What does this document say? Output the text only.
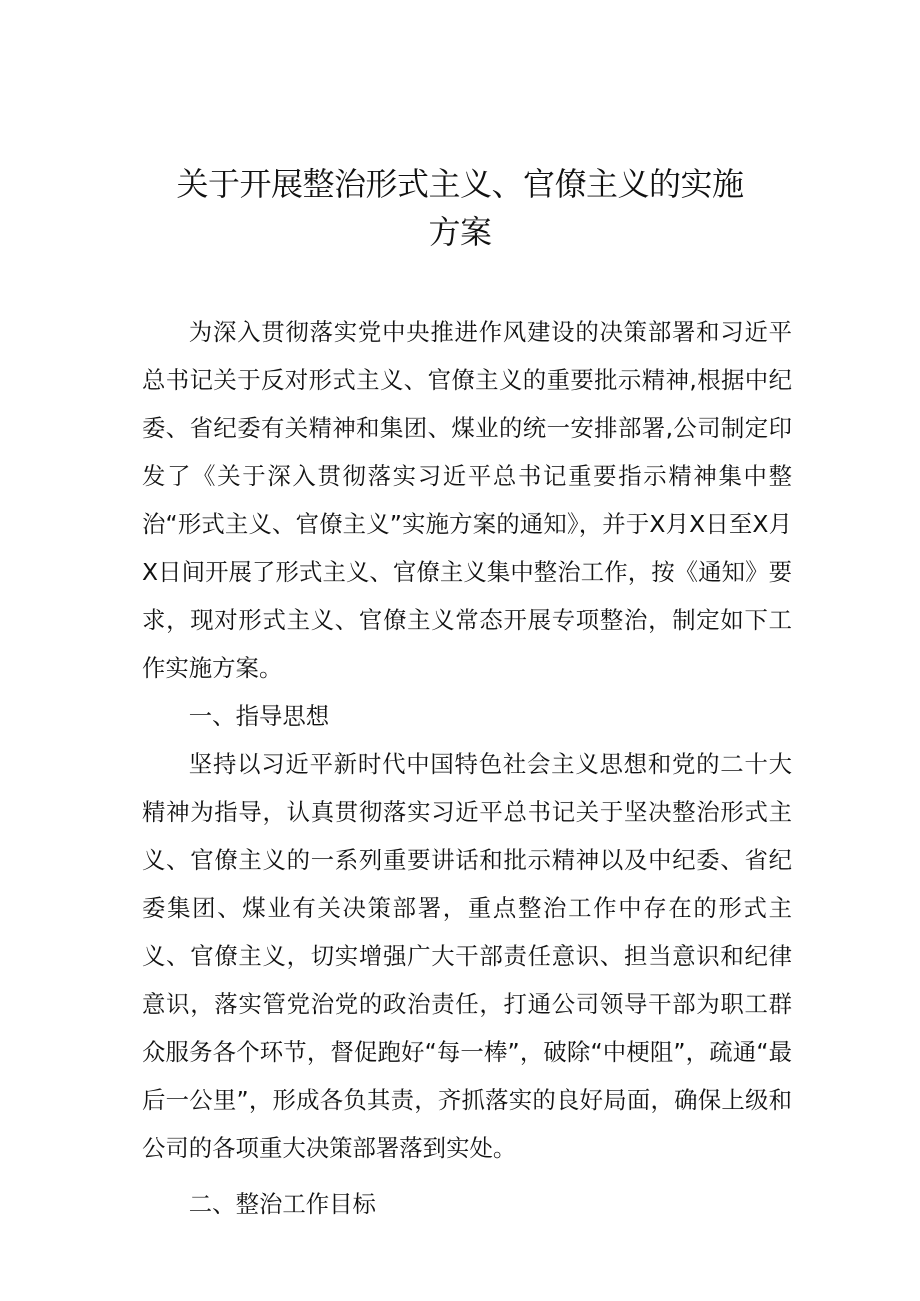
关于开展整治形式主义、官僚主义的实施
方案

为深入贯彻落实党中央推进作风建设的决策部署和习近平总书记关于反对形式主义、官僚主义的重要批示精神,根据中纪委、省纪委有关精神和集团、煤业的统一安排部署,公司制定印发了《关于深入贯彻落实习近平总书记重要指示精神集中整治“形式主义、官僚主义”实施方案的通知》，并于X月X日至X月X日间开展了形式主义、官僚主义集中整治工作，按《通知》要求，现对形式主义、官僚主义常态开展专项整治，制定如下工作实施方案。

一、指导思想

坚持以习近平新时代中国特色社会主义思想和党的二十大精神为指导，认真贯彻落实习近平总书记关于坚决整治形式主义、官僚主义的一系列重要讲话和批示精神以及中纪委、省纪委集团、煤业有关决策部署，重点整治工作中存在的形式主义、官僚主义，切实增强广大干部责任意识、担当意识和纪律意识，落实管党治党的政治责任，打通公司领导干部为职工群众服务各个环节，督促跑好“每一棒”，破除“中梗阻”，疏通“最后一公里”，形成各负其责，齐抓落实的良好局面，确保上级和公司的各项重大决策部署落到实处。

二、整治工作目标
